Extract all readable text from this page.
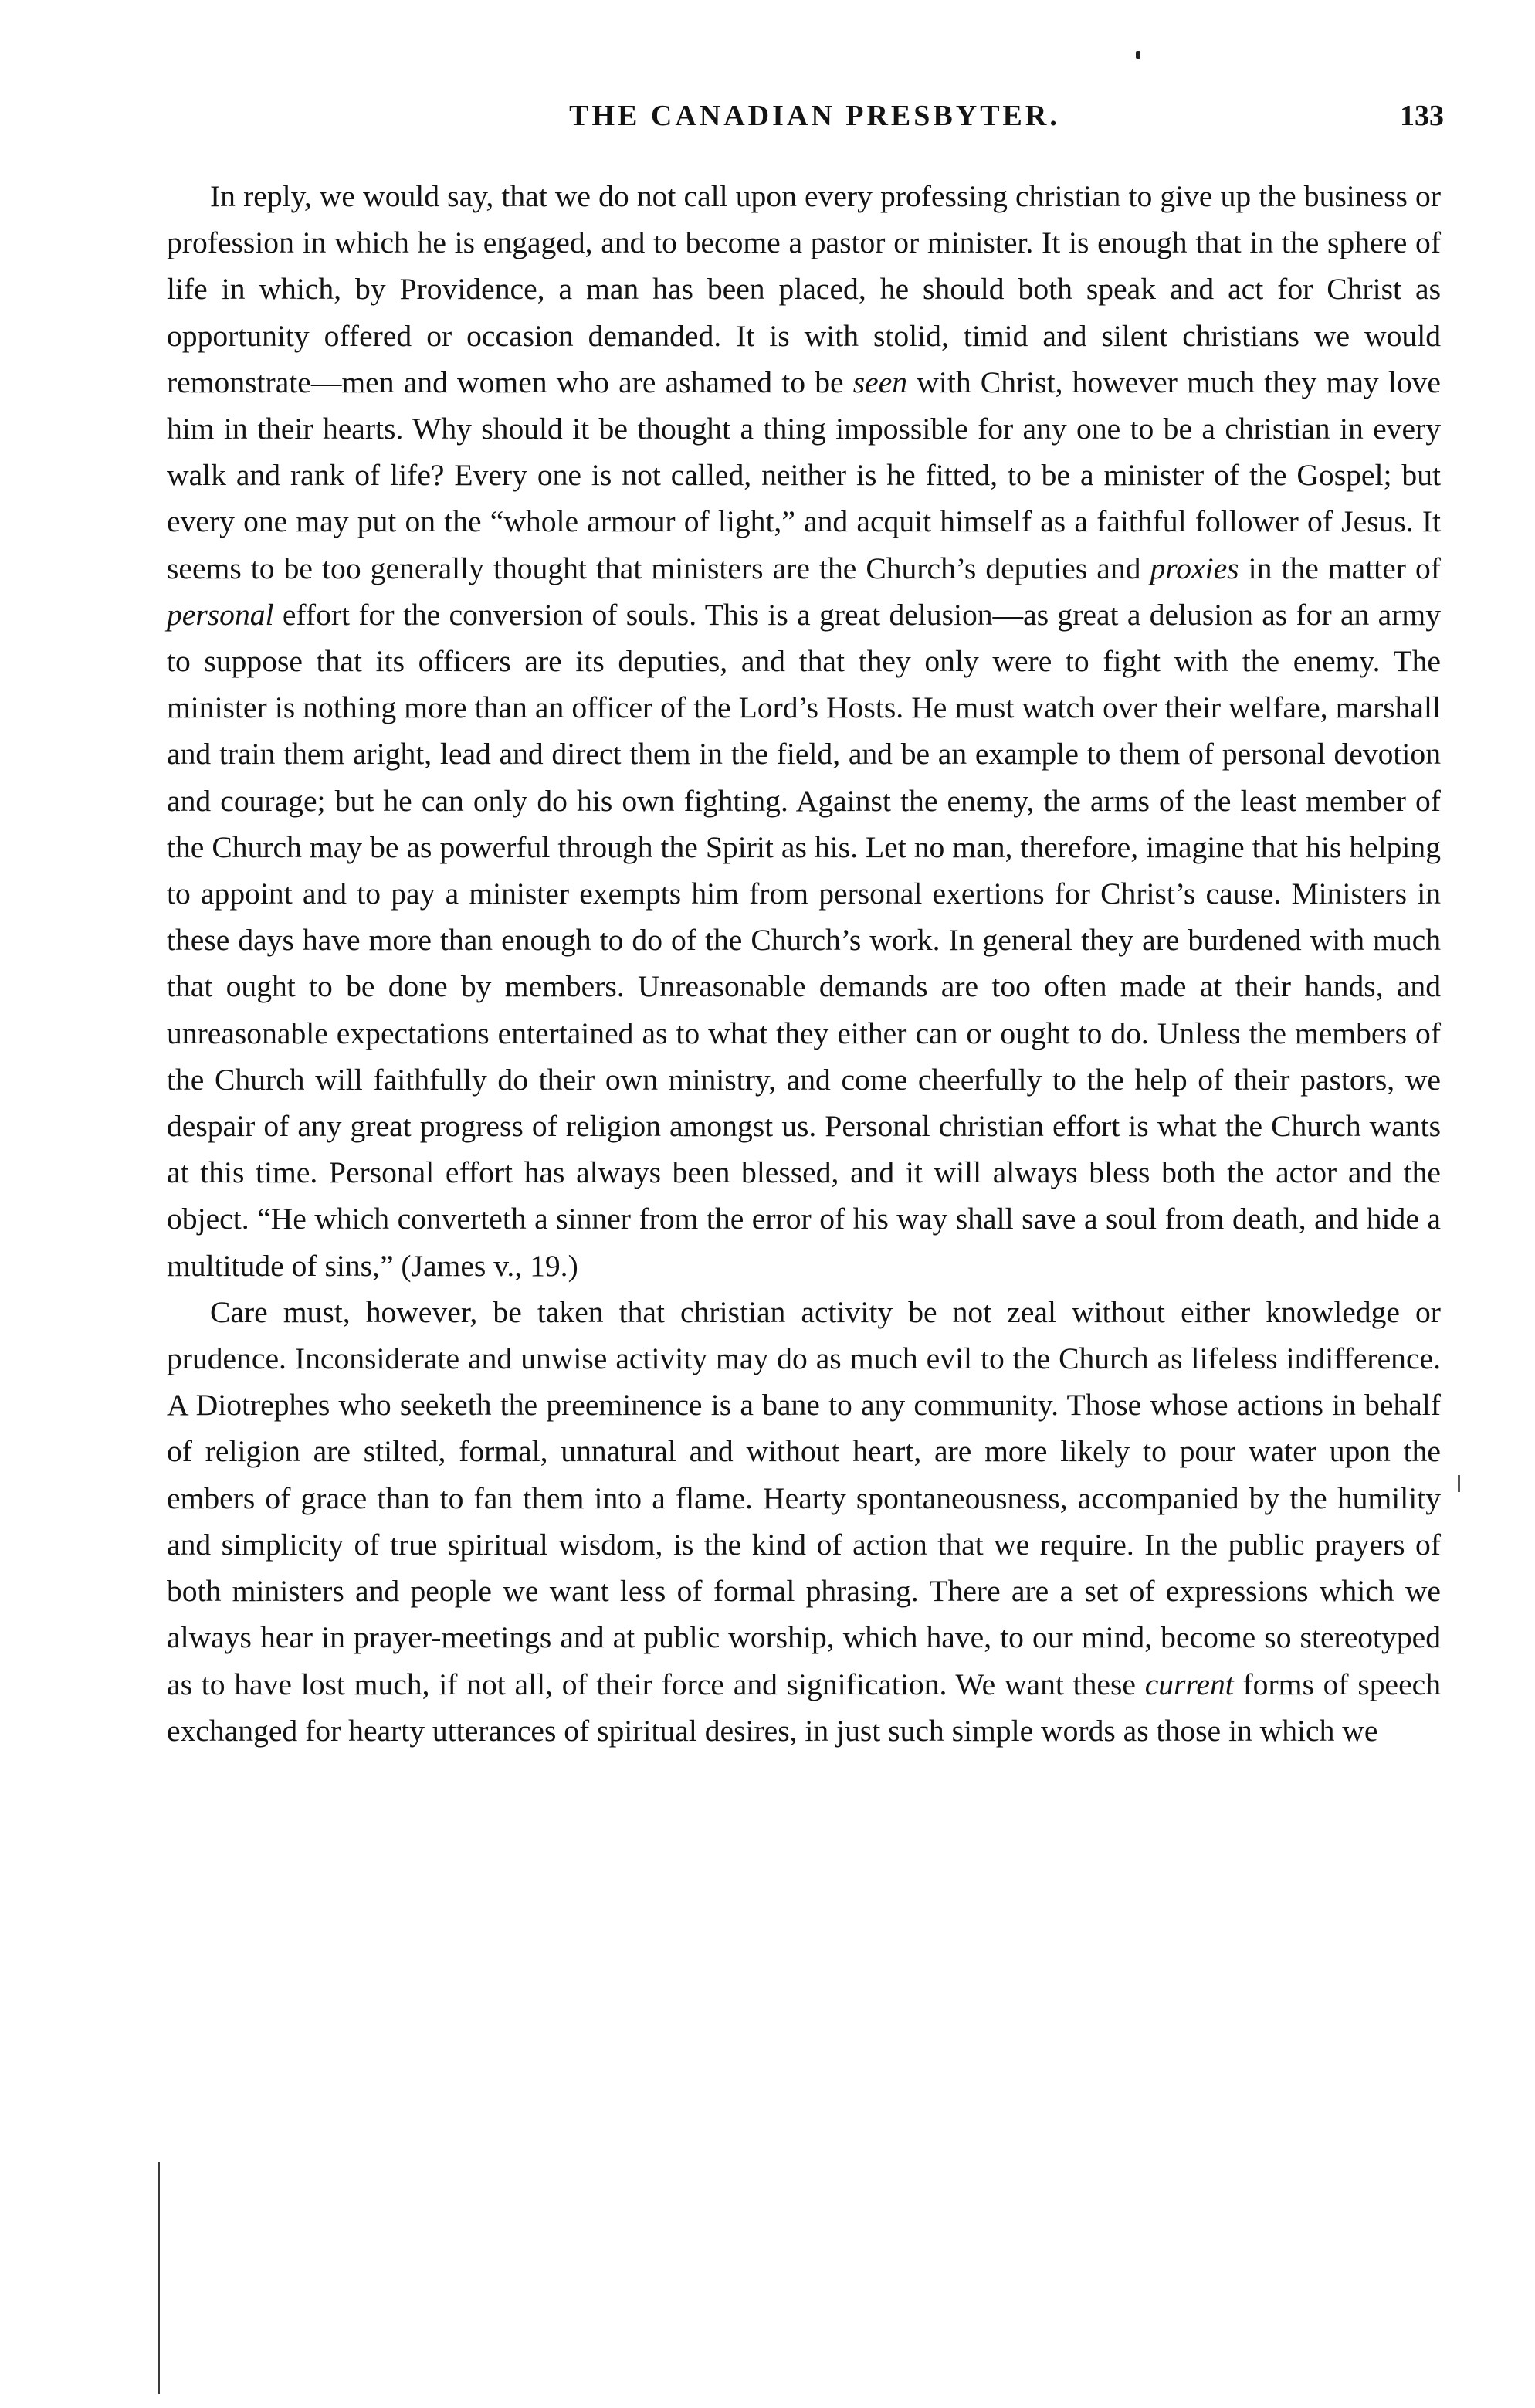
THE CANADIAN PRESBYTER.	133

In reply, we would say, that we do not call upon every professing christian to give up the business or profession in which he is engaged, and to become a pastor or minister. It is enough that in the sphere of life in which, by Providence, a man has been placed, he should both speak and act for Christ as opportunity offered or occasion demanded. It is with stolid, timid and silent christians we would remonstrate—men and women who are ashamed to be seen with Christ, however much they may love him in their hearts. Why should it be thought a thing impossible for any one to be a christian in every walk and rank of life? Every one is not called, neither is he fitted, to be a minister of the Gospel; but every one may put on the “whole armour of light,” and acquit himself as a faithful follower of Jesus. It seems to be too generally thought that ministers are the Church’s deputies and proxies in the matter of personal effort for the conversion of souls. This is a great delusion—as great a delusion as for an army to suppose that its officers are its deputies, and that they only were to fight with the enemy. The minister is nothing more than an officer of the Lord’s Hosts. He must watch over their welfare, marshall and train them aright, lead and direct them in the field, and be an example to them of personal devotion and courage; but he can only do his own fighting. Against the enemy, the arms of the least member of the Church may be as powerful through the Spirit as his. Let no man, therefore, imagine that his helping to appoint and to pay a minister exempts him from personal exertions for Christ’s cause. Ministers in these days have more than enough to do of the Church’s work. In general they are burdened with much that ought to be done by members. Unreasonable demands are too often made at their hands, and unreasonable expectations entertained as to what they either can or ought to do. Unless the members of the Church will faithfully do their own ministry, and come cheerfully to the help of their pastors, we despair of any great progress of religion amongst us. Personal christian effort is what the Church wants at this time. Personal effort has always been blessed, and it will always bless both the actor and the object. “He which converteth a sinner from the error of his way shall save a soul from death, and hide a multitude of sins,” (James v., 19.)

Care must, however, be taken that christian activity be not zeal without either knowledge or prudence. Inconsiderate and unwise activity may do as much evil to the Church as lifeless indifference. A Diotrephes who seeketh the preeminence is a bane to any community. Those whose actions in behalf of religion are stilted, formal, unnatural and without heart, are more likely to pour water upon the embers of grace than to fan them into a flame. Hearty spontaneousness, accompanied by the humility and simplicity of true spiritual wisdom, is the kind of action that we require. In the public prayers of both ministers and people we want less of formal phrasing. There are a set of expressions which we always hear in prayer-meetings and at public worship, which have, to our mind, become so stereotyped as to have lost much, if not all, of their force and signification. We want these current forms of speech exchanged for hearty utterances of spiritual desires, in just such simple words as those in which we
